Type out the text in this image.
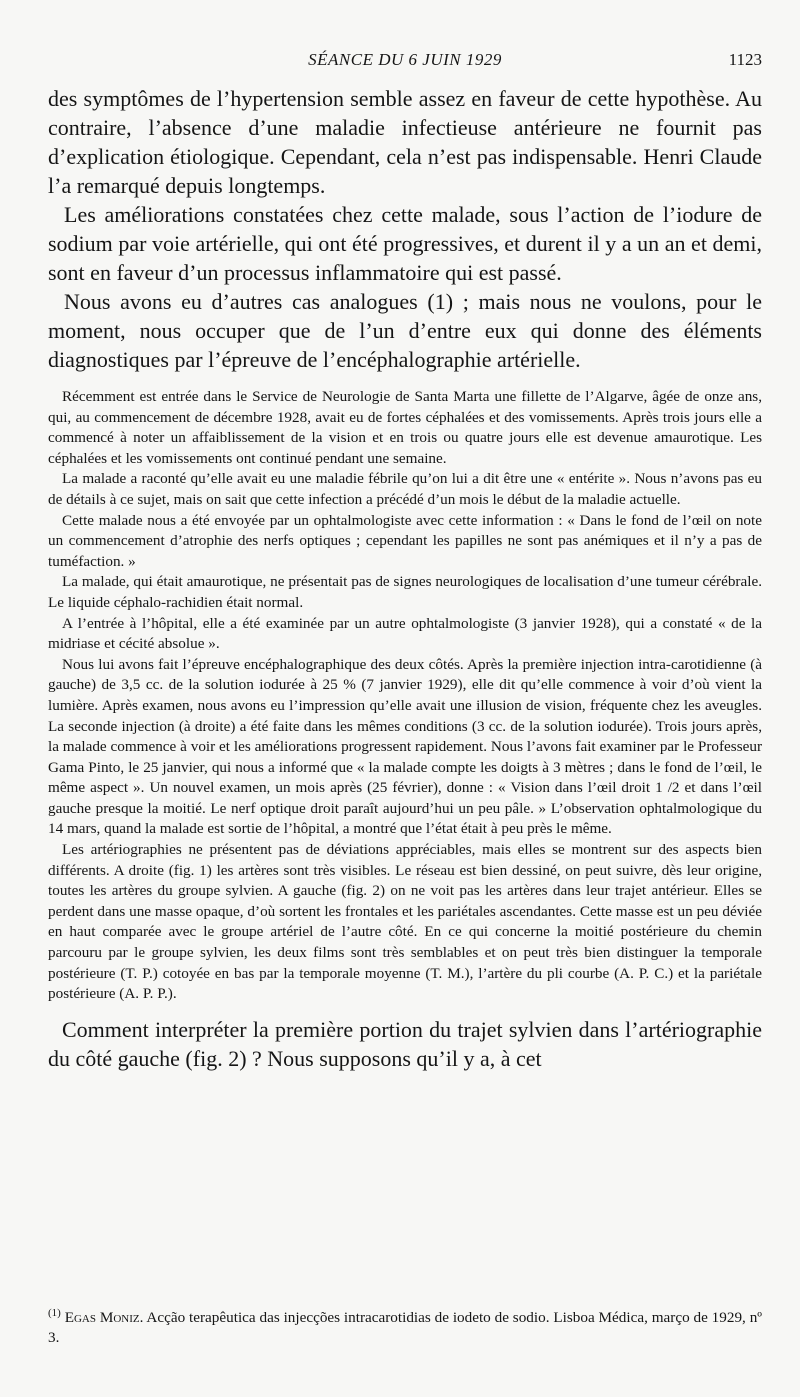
SÉANCE DU 6 JUIN 1929	1123

des symptômes de l’hypertension semble assez en faveur de cette hypothèse. Au contraire, l’absence d’une maladie infectieuse antérieure ne fournit pas d’explication étiologique. Cependant, cela n’est pas indispensable. Henri Claude l’a remarqué depuis longtemps.

Les améliorations constatées chez cette malade, sous l’action de l’iodure de sodium par voie artérielle, qui ont été progressives, et durent il y a un an et demi, sont en faveur d’un processus inflammatoire qui est passé.

Nous avons eu d’autres cas analogues (1) ; mais nous ne voulons, pour le moment, nous occuper que de l’un d’entre eux qui donne des éléments diagnostiques par l’épreuve de l’encéphalographie artérielle.

Récemment est entrée dans le Service de Neurologie de Santa Marta une fillette de l’Algarve, âgée de onze ans, qui, au commencement de décembre 1928, avait eu de fortes céphalées et des vomissements. Après trois jours elle a commencé à noter un affaiblissement de la vision et en trois ou quatre jours elle est devenue amaurotique. Les céphalées et les vomissements ont continué pendant une semaine.

La malade a raconté qu’elle avait eu une maladie fébrile qu’on lui a dit être une « entérite ». Nous n’avons pas eu de détails à ce sujet, mais on sait que cette infection a précédé d’un mois le début de la maladie actuelle.

Cette malade nous a été envoyée par un ophtalmologiste avec cette information : « Dans le fond de l’œil on note un commencement d’atrophie des nerfs optiques ; cependant les papilles ne sont pas anémiques et il n’y a pas de tuméfaction. »

La malade, qui était amaurotique, ne présentait pas de signes neurologiques de localisation d’une tumeur cérébrale. Le liquide céphalo-rachidien était normal.

A l’entrée à l’hôpital, elle a été examinée par un autre ophtalmologiste (3 janvier 1928), qui a constaté « de la midriase et cécité absolue ».

Nous lui avons fait l’épreuve encéphalographique des deux côtés. Après la première injection intra-carotidienne (à gauche) de 3,5 cc. de la solution iodurée à 25 % (7 janvier 1929), elle dit qu’elle commence à voir d’où vient la lumière. Après examen, nous avons eu l’impression qu’elle avait une illusion de vision, fréquente chez les aveugles. La seconde injection (à droite) a été faite dans les mêmes conditions (3 cc. de la solution iodurée). Trois jours après, la malade commence à voir et les améliorations progressent rapidement. Nous l’avons fait examiner par le Professeur Gama Pinto, le 25 janvier, qui nous a informé que « la malade compte les doigts à 3 mètres ; dans le fond de l’œil, le même aspect ». Un nouvel examen, un mois après (25 février), donne : « Vision dans l’œil droit 1 /2 et dans l’œil gauche presque la moitié. Le nerf optique droit paraît aujourd’hui un peu pâle. » L’observation ophtalmologique du 14 mars, quand la malade est sortie de l’hôpital, a montré que l’état était à peu près le même.

Les artériographies ne présentent pas de déviations appréciables, mais elles se montrent sur des aspects bien différents. A droite (fig. 1) les artères sont très visibles. Le réseau est bien dessiné, on peut suivre, dès leur origine, toutes les artères du groupe sylvien. A gauche (fig. 2) on ne voit pas les artères dans leur trajet antérieur. Elles se perdent dans une masse opaque, d’où sortent les frontales et les pariétales ascendantes. Cette masse est un peu déviée en haut comparée avec le groupe artériel de l’autre côté. En ce qui concerne la moitié postérieure du chemin parcouru par le groupe sylvien, les deux films sont très semblables et on peut très bien distinguer la temporale postérieure (T. P.) cotoyée en bas par la temporale moyenne (T. M.), l’artère du pli courbe (A. P. C.) et la pariétale postérieure (A. P. P.).

Comment interpréter la première portion du trajet sylvien dans l’artériographie du côté gauche (fig. 2) ? Nous supposons qu’il y a, à cet

$^{(1)}$ Egas Moniz. Acção terapêutica das injecções intracarotidias de iodeto de sodio. Lisboa Médica, março de 1929, nº 3.
